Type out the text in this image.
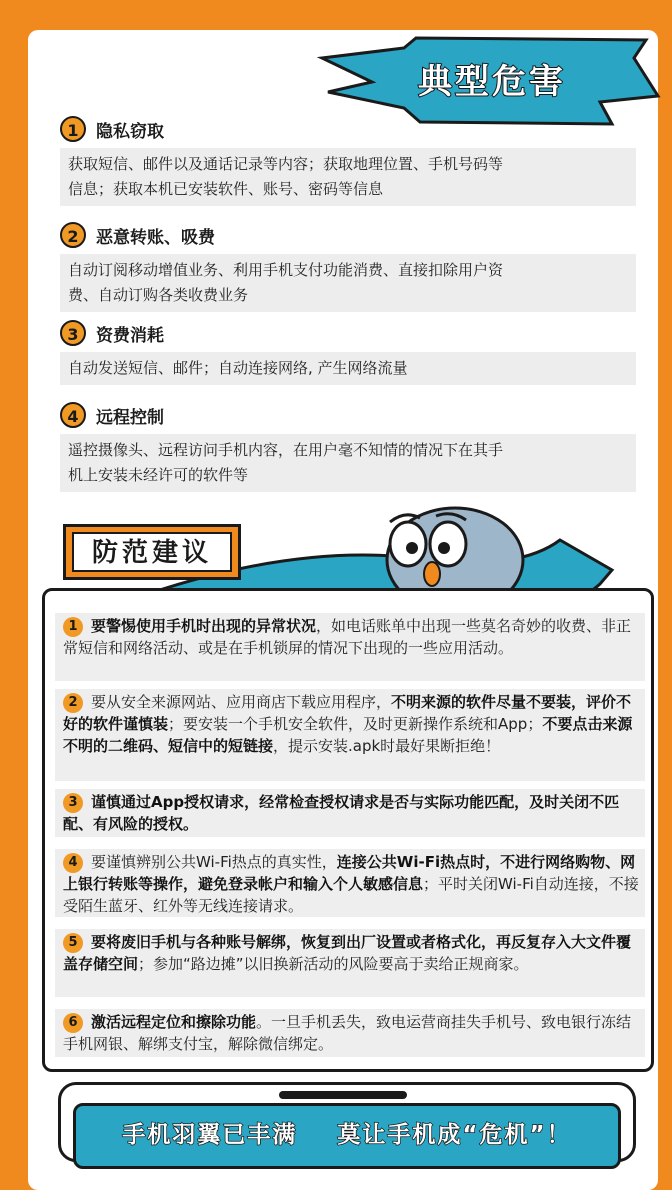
典型危害
1	隐私窃取
获取短信、邮件以及通话记录等内容；获取地理位置、手机号码等
信息；获取本机已安装软件、账号、密码等信息
2	恶意转账、吸费
自动订阅移动增值业务、利用手机支付功能消费、直接扣除用户资
费、自动订购各类收费业务
3	资费消耗
自动发送短信、邮件；自动连接网络, 产生网络流量
4	远程控制
遥控摄像头、远程访问手机内容，在用户毫不知情的情况下在其手
机上安装未经许可的软件等
防范建议
1 要警惕使用手机时出现的异常状况，如电话账单中出现一些莫名奇妙的收费、非正常短信和网络活动、或是在手机锁屏的情况下出现的一些应用活动。
2 要从安全来源网站、应用商店下载应用程序，不明来源的软件尽量不要装，评价不好的软件谨慎装；要安装一个手机安全软件，及时更新操作系统和App；不要点击来源不明的二维码、短信中的短链接，提示安装.apk时最好果断拒绝！
3 谨慎通过App授权请求，经常检查授权请求是否与实际功能匹配，及时关闭不匹配、有风险的授权。
4 要谨慎辨别公共Wi-Fi热点的真实性，连接公共Wi-Fi热点时，不进行网络购物、网上银行转账等操作，避免登录帐户和输入个人敏感信息；平时关闭Wi-Fi自动连接，不接受陌生蓝牙、红外等无线连接请求。
5 要将废旧手机与各种账号解绑，恢复到出厂设置或者格式化，再反复存入大文件覆盖存储空间；参加“路边摊”以旧换新活动的风险要高于卖给正规商家。
6 激活远程定位和擦除功能。一旦手机丢失，致电运营商挂失手机号、致电银行冻结手机网银、解绑支付宝，解除微信绑定。
手机羽翼已丰满    莫让手机成“危机”！
